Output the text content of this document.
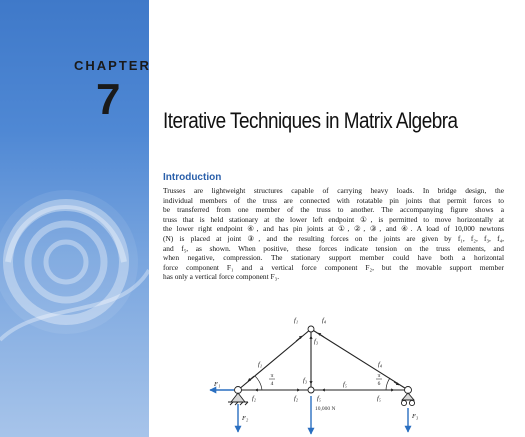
CHAPTER
7 Iterative Techniques in Matrix Algebra
Introduction
Trusses are lightweight structures capable of carrying heavy loads. In bridge design, the
individual members of the truss are connected with rotatable pin joints that permit forces to
be transferred from one member of the truss to another. The accompanying figure shows a
truss that is held stationary at the lower left endpoint ①, is permitted to move horizontally at
the lower right endpoint ④, and has pin joints at ①, ②, ③, and ④. A load of 10,000 newtons
(N) is placed at joint ③, and the resulting forces on the joints are given by f₁, f₂, f₃, f₄,
and f₅, as shown. When positive, these forces indicate tension on the truss elements, and
when negative, compression. The stationary support member could have both a horizontal
force component F₁ and a vertical force component F₂, but the movable support member
has only a vertical force component F₃.
f₁	f₄
f₃
f₁	f₄
f₂	f₂
f₅
f₃
f₅	f₅
F₁
F₂	F₃
π
4
π
6
10,000 N
